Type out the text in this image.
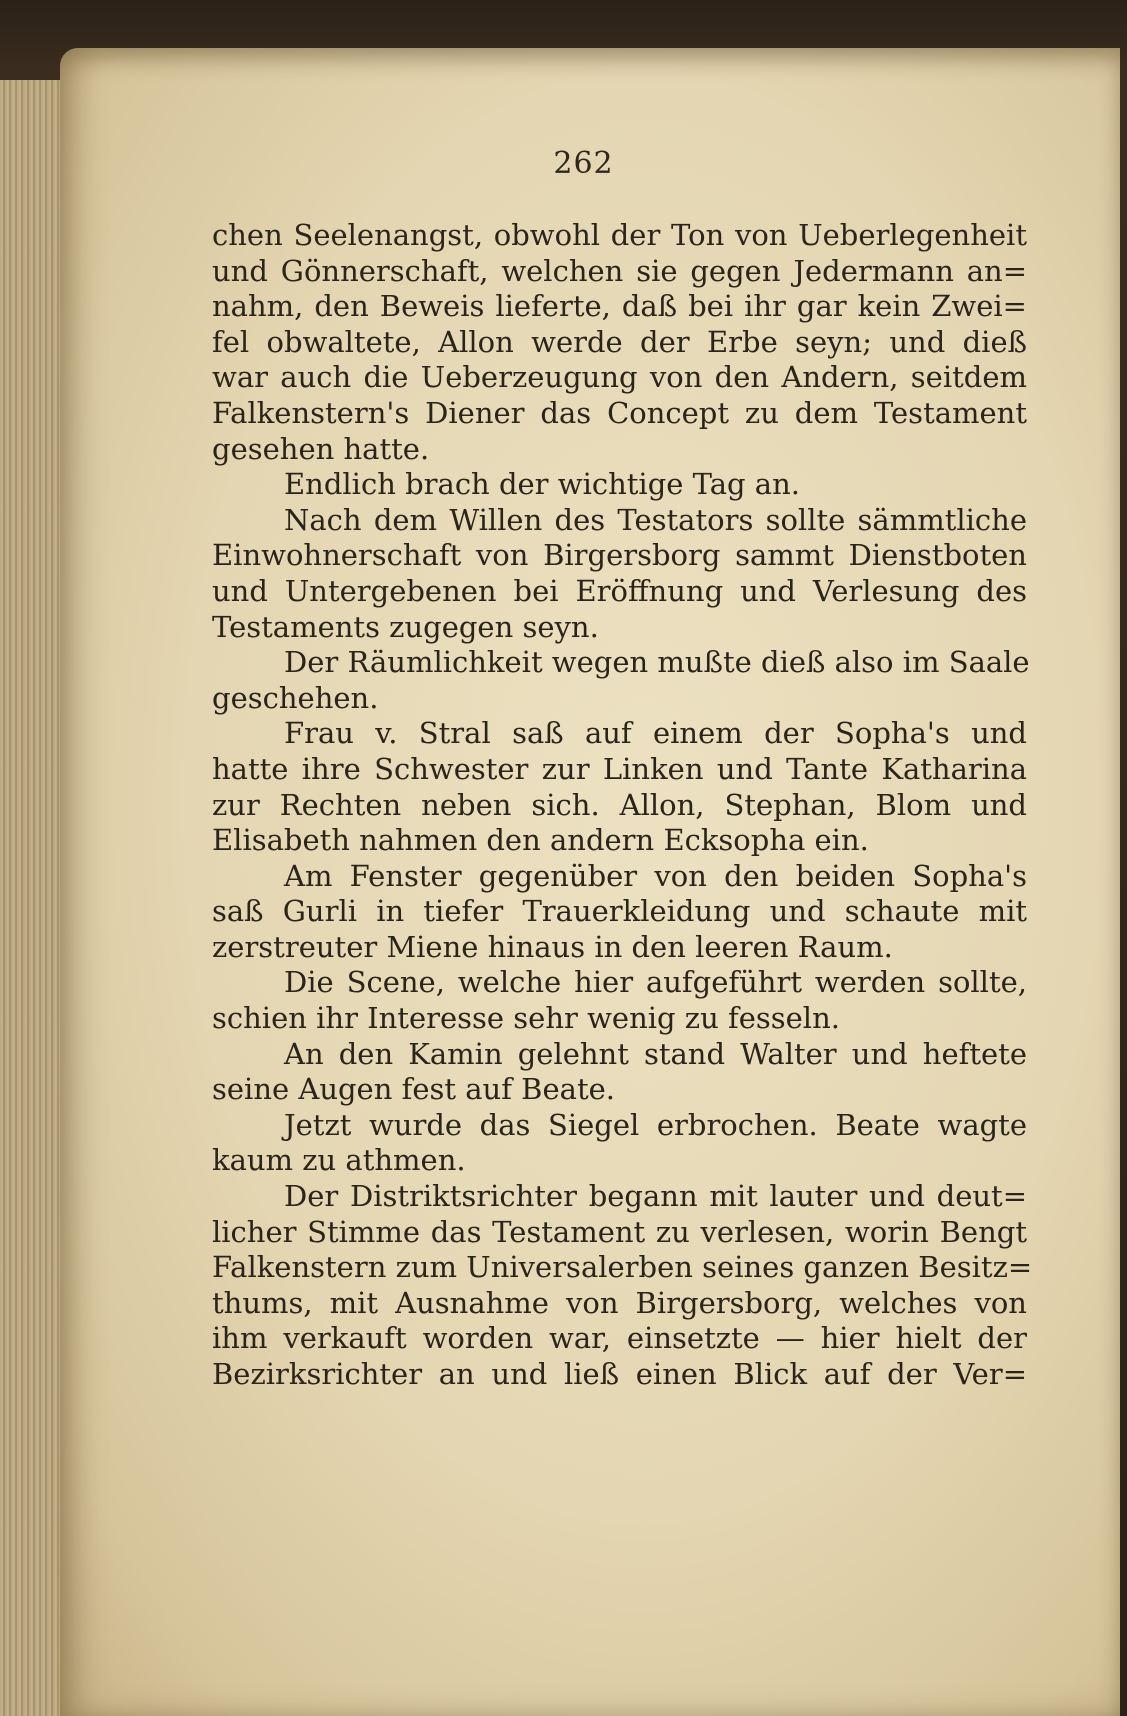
262
chen Seelenangst, obwohl der Ton von Ueberlegenheit
und Gönnerschaft, welchen sie gegen Jedermann an=
nahm, den Beweis lieferte, daß bei ihr gar kein Zwei=
fel obwaltete, Allon werde der Erbe seyn; und dieß
war auch die Ueberzeugung von den Andern, seitdem
Falkenstern's Diener das Concept zu dem Testament
gesehen hatte.
Endlich brach der wichtige Tag an.
Nach dem Willen des Testators sollte sämmtliche
Einwohnerschaft von Birgersborg sammt Dienstboten
und Untergebenen bei Eröffnung und Verlesung des
Testaments zugegen seyn.
Der Räumlichkeit wegen mußte dieß also im Saale
geschehen.
Frau v. Stral saß auf einem der Sopha's und
hatte ihre Schwester zur Linken und Tante Katharina
zur Rechten neben sich. Allon, Stephan, Blom und
Elisabeth nahmen den andern Ecksopha ein.
Am Fenster gegenüber von den beiden Sopha's
saß Gurli in tiefer Trauerkleidung und schaute mit
zerstreuter Miene hinaus in den leeren Raum.
Die Scene, welche hier aufgeführt werden sollte,
schien ihr Interesse sehr wenig zu fesseln.
An den Kamin gelehnt stand Walter und heftete
seine Augen fest auf Beate.
Jetzt wurde das Siegel erbrochen. Beate wagte
kaum zu athmen.
Der Distriktsrichter begann mit lauter und deut=
licher Stimme das Testament zu verlesen, worin Bengt
Falkenstern zum Universalerben seines ganzen Besitz=
thums, mit Ausnahme von Birgersborg, welches von
ihm verkauft worden war, einsetzte — hier hielt der
Bezirksrichter an und ließ einen Blick auf der Ver=
